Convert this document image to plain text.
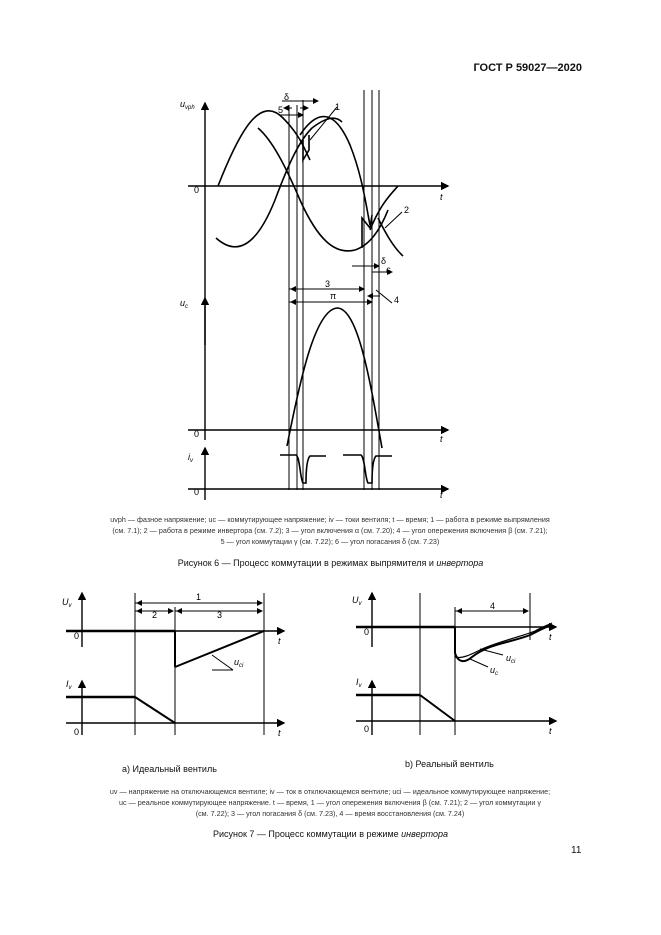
ГОСТ Р 59027—2020
$u_{vph}$
$u_c$
$i_v$
0
0
0
t
t
t
1
2
3
4
5
6
δ
δ
π
uvph — фазное напряжение; uc — коммутирующее напряжение; iv — токи вентиля; t — время; 1 — работа в режиме выпрямления
(см. 7.1); 2 — работа в режиме инвертора (см. 7.2); 3 — угол включения α (см. 7.20); 4 — угол опережения включения β (см. 7.21);
5 — угол коммутации γ (см. 7.22); 6 — угол погасания δ (см. 7.23)
Рисунок 6 — Процесс коммутации в режимах выпрямителя и инвертора
$U_v$
$I_v$
0
0
t
t
1
2	3
$u_{ci}$
$U_v$
$I_v$
0
0
t
t
4
$u_{ci}$
$u_c$
а) Идеальный вентиль	b) Реальный вентиль
uv — напряжение на отключающемся вентиле; iv — ток в отключающемся вентиле; uci — идеальное коммутирующее напряжение;
uc — реальное коммутирующее напряжение. t — время, 1 — угол опережения включения β (см. 7.21); 2 — угол коммутации γ
(см. 7.22); 3 — угол погасания δ (см. 7.23), 4 — время восстановления (см. 7.24)
Рисунок 7 — Процесс коммутации в режиме инвертора
11
